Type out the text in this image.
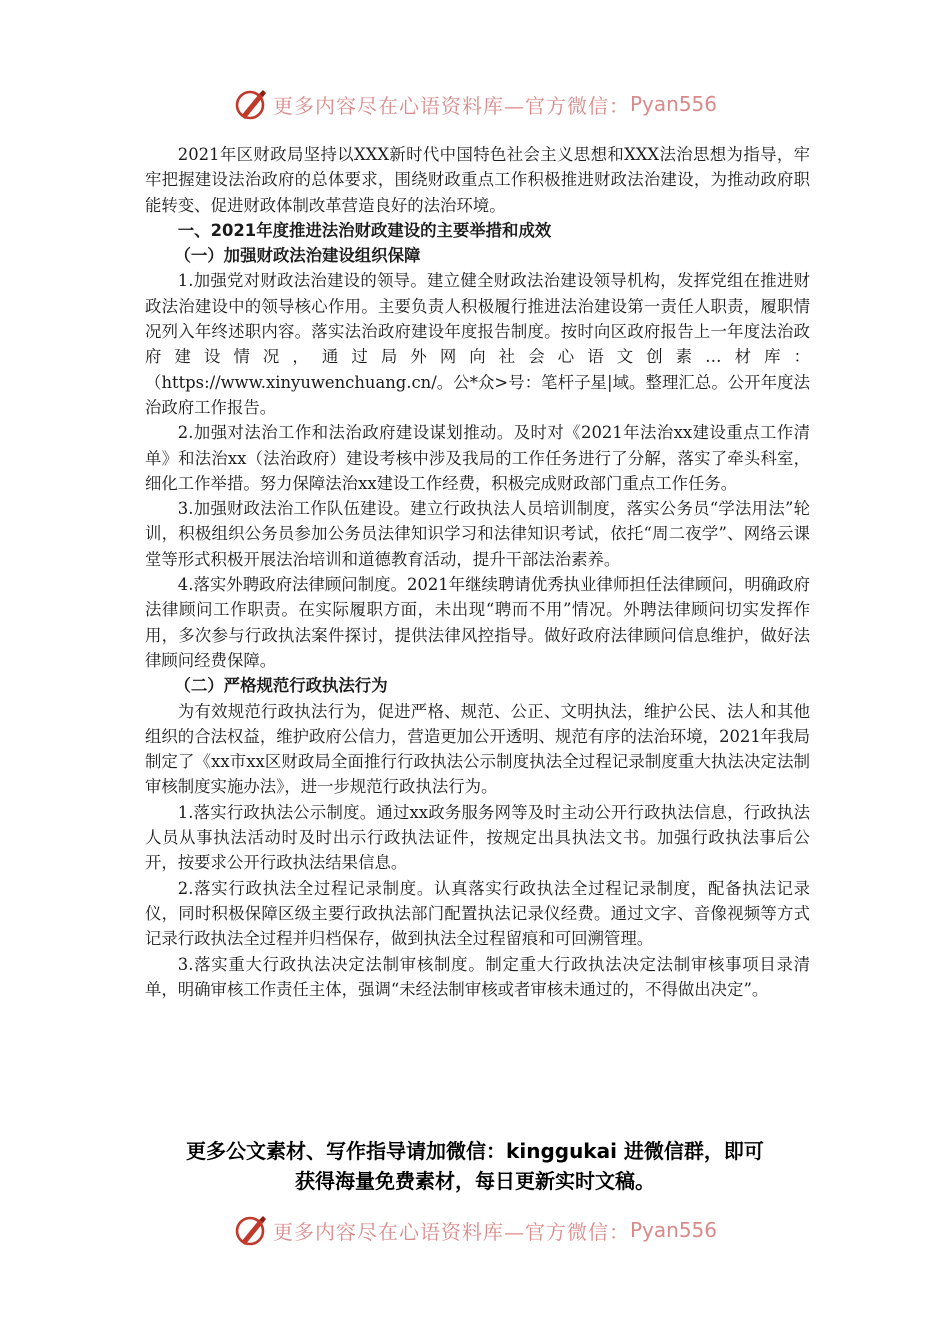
更多内容尽在心语资料库—官方微信： Pyan556

2021年区财政局坚持以XXX新时代中国特色社会主义思想和XXX法治思想为指导，牢牢把握建设法治政府的总体要求，围绕财政重点工作积极推进财政法治建设，为推动政府职能转变、促进财政体制改革营造良好的法治环境。

一、2021年度推进法治财政建设的主要举措和成效

（一）加强财政法治建设组织保障

1.加强党对财政法治建设的领导。建立健全财政法治建设领导机构，发挥党组在推进财政法治建设中的领导核心作用。主要负责人积极履行推进法治建设第一责任人职责，履职情况列入年终述职内容。落实法治政府建设年度报告制度。按时向区政府报告上一年度法治政府建设情况，通过局外网向社会心语文创素…材库：（https://www.xinyuwenchuang.cn/。公*众>号：笔杆子星|域。整理汇总。公开年度法治政府工作报告。

2.加强对法治工作和法治政府建设谋划推动。及时对《2021年法治xx建设重点工作清单》和法治xx（法治政府）建设考核中涉及我局的工作任务进行了分解，落实了牵头科室，细化工作举措。努力保障法治xx建设工作经费，积极完成财政部门重点工作任务。

3.加强财政法治工作队伍建设。建立行政执法人员培训制度，落实公务员“学法用法”轮训，积极组织公务员参加公务员法律知识学习和法律知识考试，依托“周二夜学”、网络云课堂等形式积极开展法治培训和道德教育活动，提升干部法治素养。

4.落实外聘政府法律顾问制度。2021年继续聘请优秀执业律师担任法律顾问，明确政府法律顾问工作职责。在实际履职方面，未出现“聘而不用”情况。外聘法律顾问切实发挥作用，多次参与行政执法案件探讨，提供法律风控指导。做好政府法律顾问信息维护，做好法律顾问经费保障。

（二）严格规范行政执法行为

为有效规范行政执法行为，促进严格、规范、公正、文明执法，维护公民、法人和其他组织的合法权益，维护政府公信力，营造更加公开透明、规范有序的法治环境，2021年我局制定了《xx市xx区财政局全面推行行政执法公示制度执法全过程记录制度重大执法决定法制审核制度实施办法》，进一步规范行政执法行为。

1.落实行政执法公示制度。通过xx政务服务网等及时主动公开行政执法信息，行政执法人员从事执法活动时及时出示行政执法证件，按规定出具执法文书。加强行政执法事后公开，按要求公开行政执法结果信息。

2.落实行政执法全过程记录制度。认真落实行政执法全过程记录制度，配备执法记录仪，同时积极保障区级主要行政执法部门配置执法记录仪经费。通过文字、音像视频等方式记录行政执法全过程并归档保存，做到执法全过程留痕和可回溯管理。

3.落实重大行政执法决定法制审核制度。制定重大行政执法决定法制审核事项目录清单，明确审核工作责任主体，强调“未经法制审核或者审核未通过的，不得做出决定”。

更多公文素材、写作指导请加微信：kinggukai 进微信群，即可
获得海量免费素材，每日更新实时文稿。
更多内容尽在心语资料库—官方微信： Pyan556
